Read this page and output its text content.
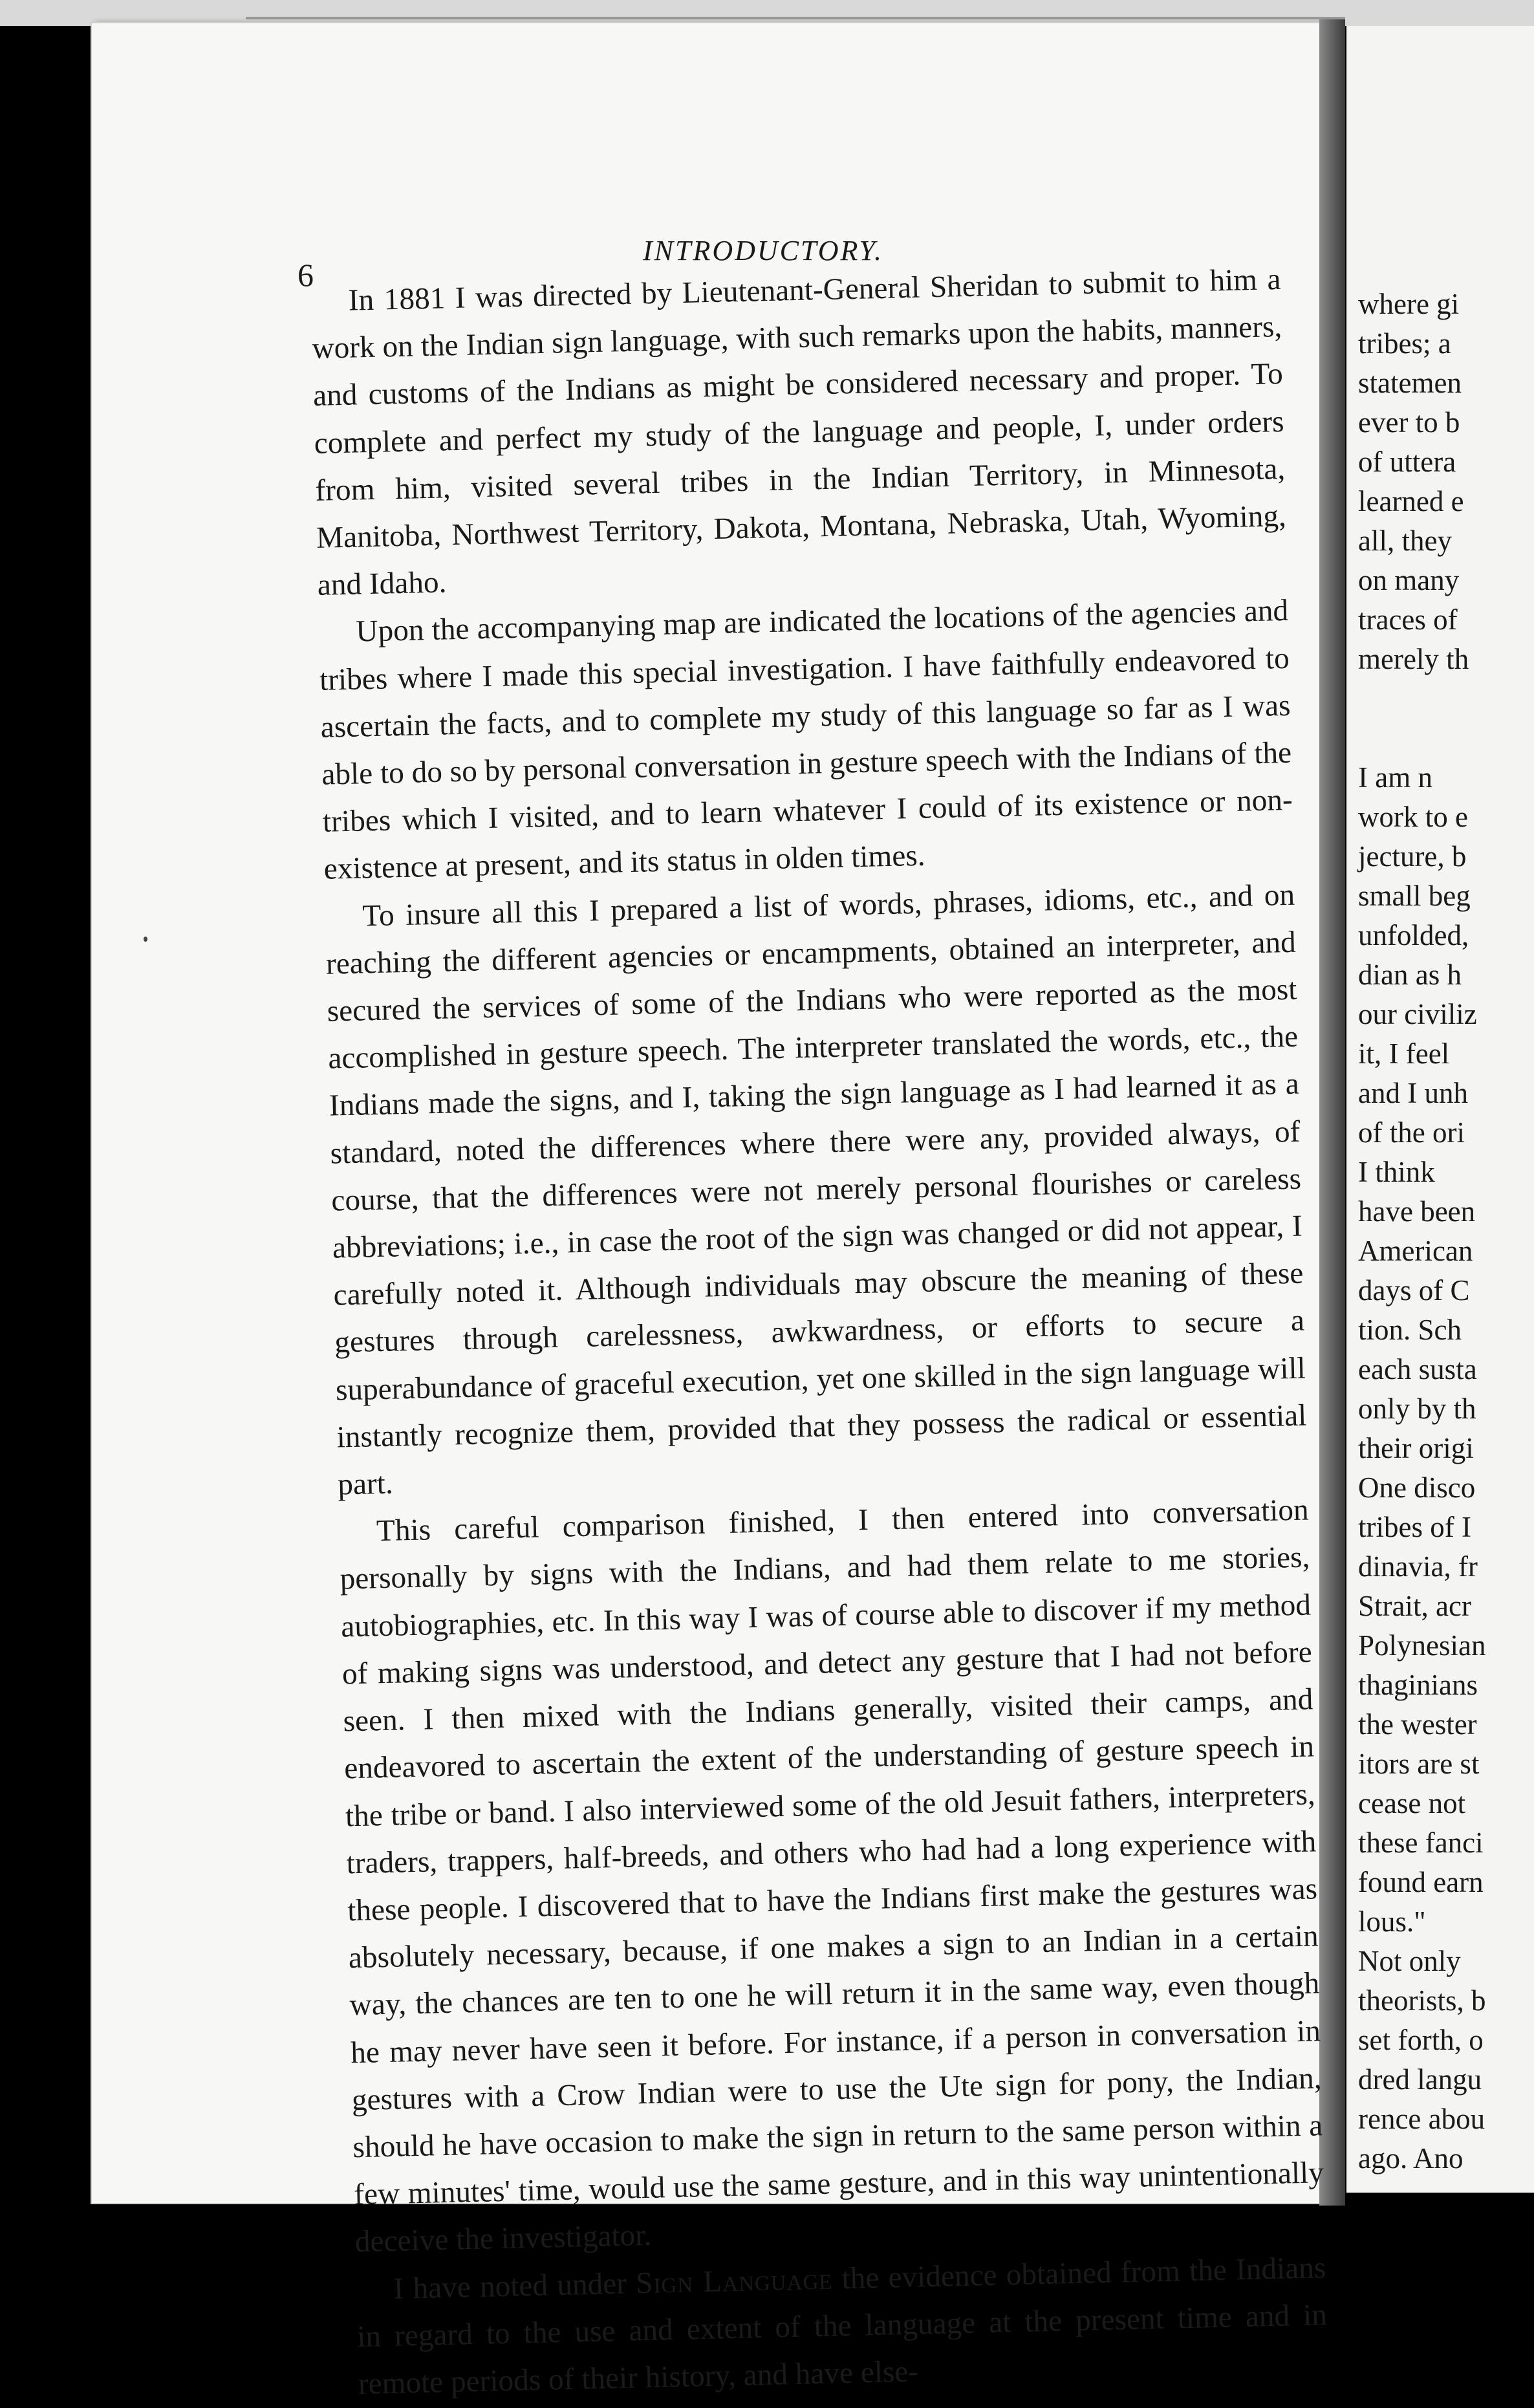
INTRODUCTORY.
6	In 1881 I was directed by Lieutenant-General Sheridan to submit to him a work on the Indian sign language, with such remarks upon the habits, manners, and customs of the Indians as might be considered necessary and proper. To complete and perfect my study of the language and people, I, under orders from him, visited several tribes in the Indian Territory, in Minnesota, Manitoba, Northwest Territory, Dakota, Montana, Nebraska, Utah, Wyoming, and Idaho.

Upon the accompanying map are indicated the locations of the agencies and tribes where I made this special investigation. I have faithfully endeavored to ascertain the facts, and to complete my study of this language so far as I was able to do so by personal conversation in gesture speech with the Indians of the tribes which I visited, and to learn whatever I could of its existence or non-existence at present, and its status in olden times.

To insure all this I prepared a list of words, phrases, idioms, etc., and on reaching the different agencies or encampments, obtained an interpreter, and secured the services of some of the Indians who were reported as the most accomplished in gesture speech. The interpreter translated the words, etc., the Indians made the signs, and I, taking the sign language as I had learned it as a standard, noted the differences where there were any, provided always, of course, that the differences were not merely personal flourishes or careless abbreviations; i.e., in case the root of the sign was changed or did not appear, I carefully noted it. Although individuals may obscure the meaning of these gestures through carelessness, awkwardness, or efforts to secure a superabundance of graceful execution, yet one skilled in the sign language will instantly recognize them, provided that they possess the radical or essential part.

This careful comparison finished, I then entered into conversation personally by signs with the Indians, and had them relate to me stories, autobiographies, etc. In this way I was of course able to discover if my method of making signs was understood, and detect any gesture that I had not before seen. I then mixed with the Indians generally, visited their camps, and endeavored to ascertain the extent of the understanding of gesture speech in the tribe or band. I also interviewed some of the old Jesuit fathers, interpreters, traders, trappers, half-breeds, and others who had had a long experience with these people. I discovered that to have the Indians first make the gestures was absolutely necessary, because, if one makes a sign to an Indian in a certain way, the chances are ten to one he will return it in the same way, even though he may never have seen it before. For instance, if a person in conversation in gestures with a Crow Indian were to use the Ute sign for pony, the Indian, should he have occasion to make the sign in return to the same person within a few minutes' time, would use the same gesture, and in this way unintentionally deceive the investigator.

I have noted under Sign Language the evidence obtained from the Indians in regard to the use and extent of the language at the present time and in remote periods of their history, and have else-

where gi
tribes; a
statemen
ever to b
of uttera
learned e
all, they
on many
traces of
merely th
I am n
work to e
jecture, b
small beg
unfolded,
dian as h
our civiliz
it, I feel
and I unh
of the ori
I think
have been
American
days of C
tion. Sch
each susta
only by th
their origi
One disco
tribes of I
dinavia, fr
Strait, acr
Polynesian
thaginians
the wester
itors are st
cease not
these fanci
found earn
lous."
Not only
theorists, b
set forth, o
dred langu
rence abou
ago. Ano
